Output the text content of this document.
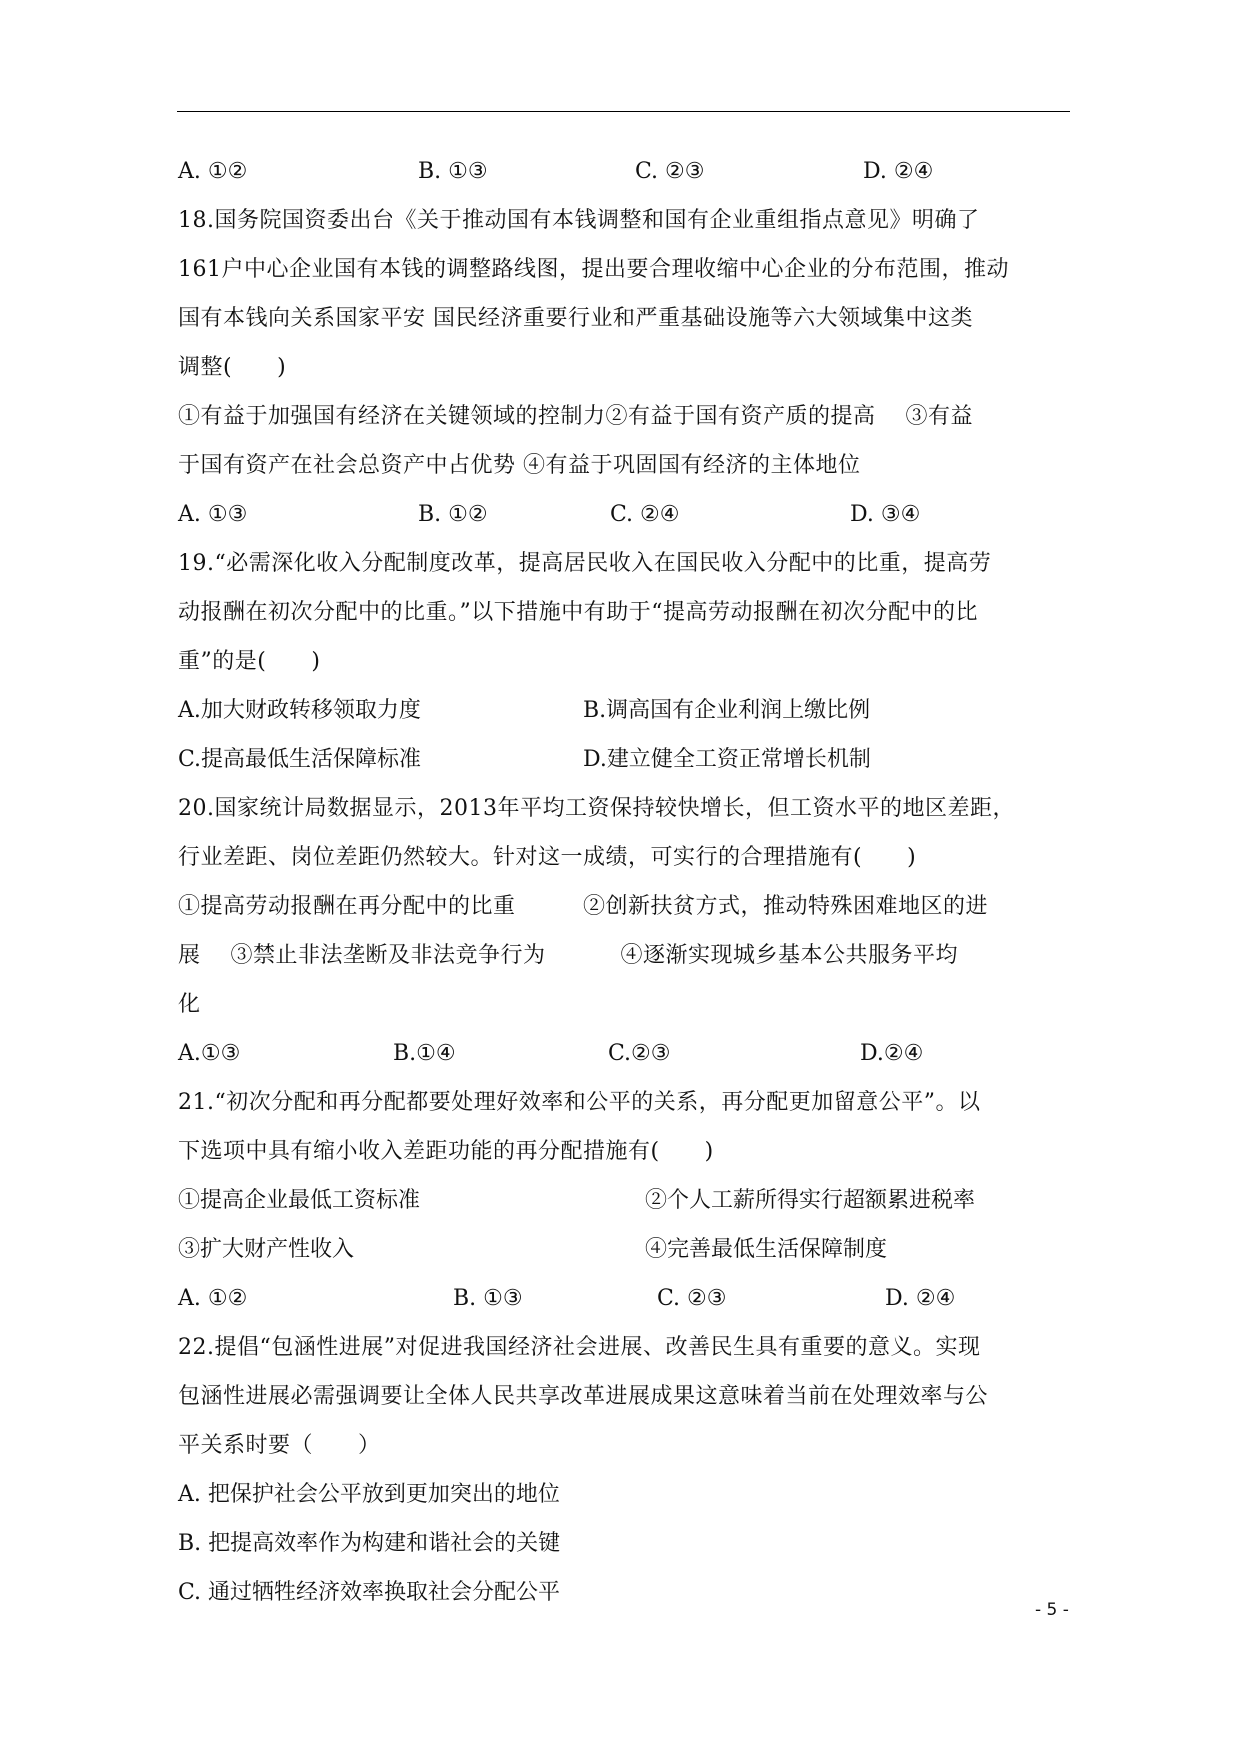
A. ①②	B. ①③	C. ②③	D. ②④
18.国务院国资委出台《关于推动国有本钱调整和国有企业重组指点意见》明确了
161户中心企业国有本钱的调整路线图，提出要合理收缩中心企业的分布范围，推动
国有本钱向关系国家平安 国民经济重要行业和严重基础设施等六大领域集中这类
调整(　　)
①有益于加强国有经济在关键领域的控制力②有益于国有资产质的提高　 ③有益
于国有资产在社会总资产中占优势 ④有益于巩固国有经济的主体地位
A. ①③	B. ①②	C. ②④	D. ③④
19.“必需深化收入分配制度改革，提高居民收入在国民收入分配中的比重，提高劳
动报酬在初次分配中的比重。”以下措施中有助于“提高劳动报酬在初次分配中的比
重”的是(　　)
A.加大财政转移领取力度	B.调高国有企业利润上缴比例
C.提高最低生活保障标准	D.建立健全工资正常增长机制
20.国家统计局数据显示，2013年平均工资保持较快增长，但工资水平的地区差距，
行业差距、岗位差距仍然较大。针对这一成绩，可实行的合理措施有(　　)
①提高劳动报酬在再分配中的比重　　　②创新扶贫方式，推动特殊困难地区的进
展　 ③禁止非法垄断及非法竞争行为　　　 ④逐渐实现城乡基本公共服务平均
化
A.①③	B.①④	C.②③	D.②④
21.“初次分配和再分配都要处理好效率和公平的关系，再分配更加留意公平”。以
下选项中具有缩小收入差距功能的再分配措施有(　　)
①提高企业最低工资标准	②个人工薪所得实行超额累进税率
③扩大财产性收入	④完善最低生活保障制度
A. ①②	B. ①③	C. ②③	D. ②④
22.提倡“包涵性进展”对促进我国经济社会进展、改善民生具有重要的意义。实现
包涵性进展必需强调要让全体人民共享改革进展成果这意味着当前在处理效率与公
平关系时要（　　）
A. 把保护社会公平放到更加突出的地位
B. 把提高效率作为构建和谐社会的关键
C. 通过牺牲经济效率换取社会分配公平
- 5 -
